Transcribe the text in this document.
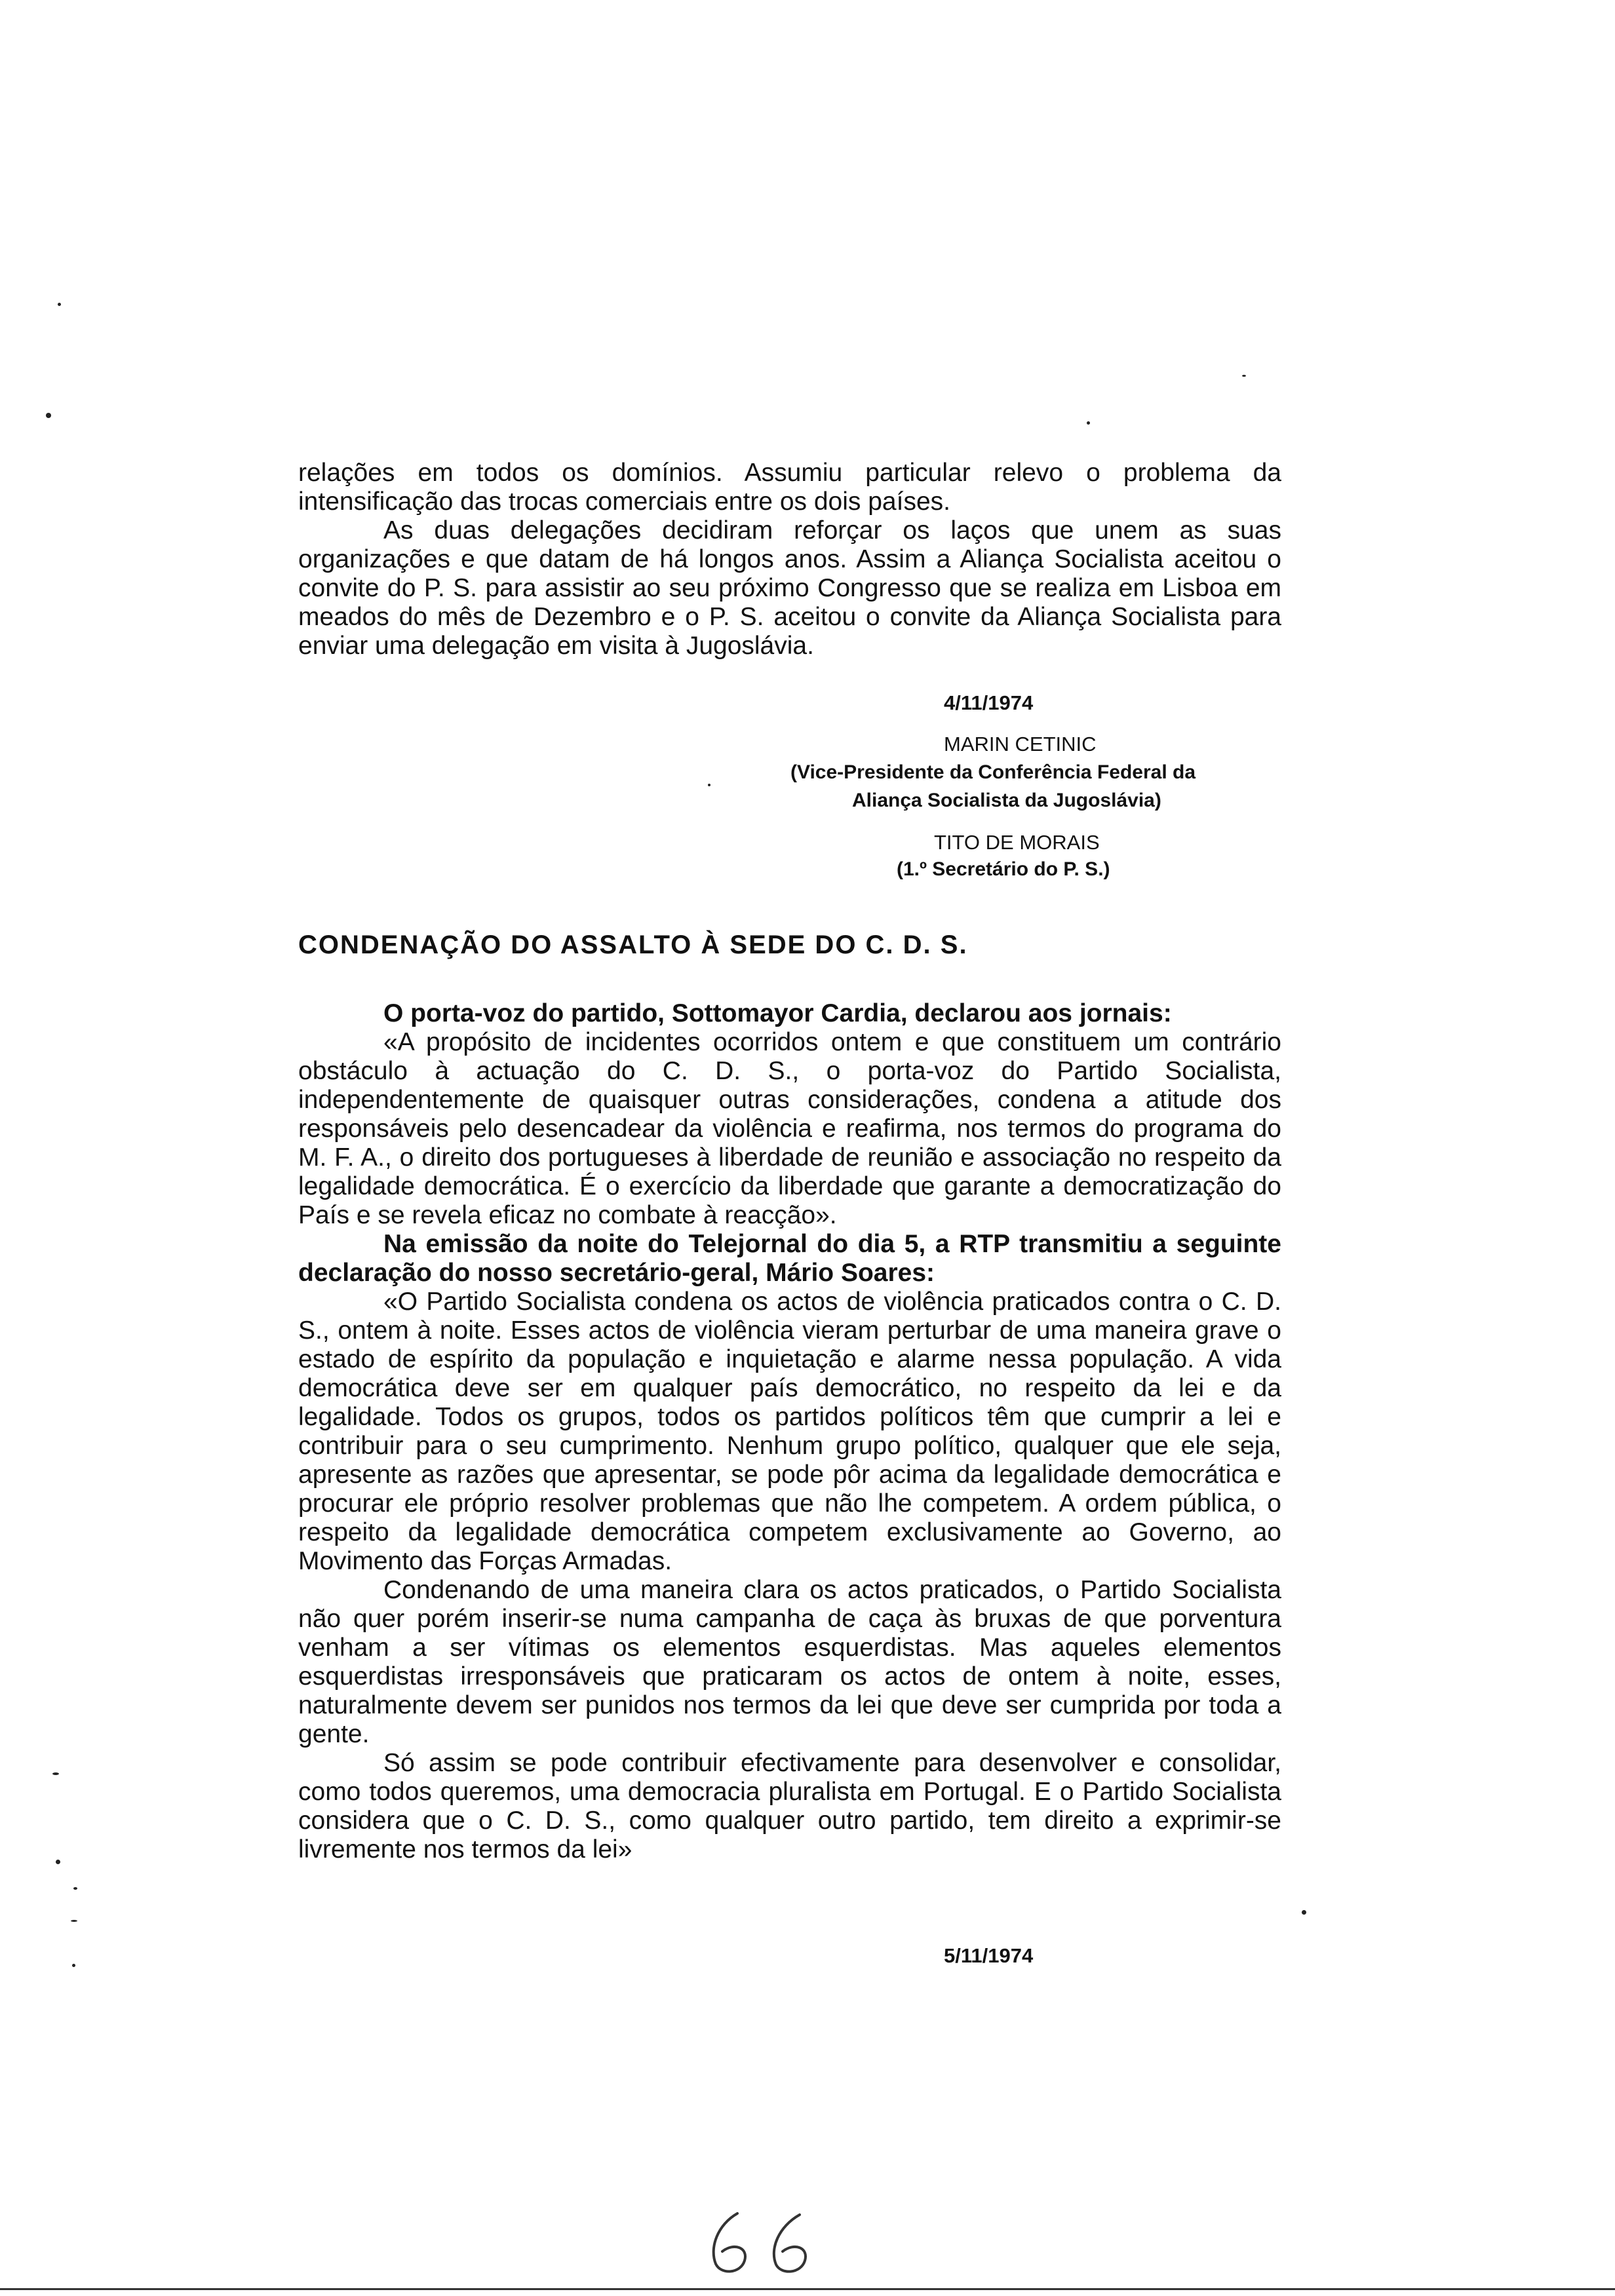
relações em todos os domínios. Assumiu particular relevo o problema da intensificação das trocas comerciais entre os dois países.

As duas delegações decidiram reforçar os laços que unem as suas organizações e que datam de há longos anos. Assim a Aliança Socialista aceitou o convite do P. S. para assistir ao seu próximo Congresso que se realiza em Lisboa em meados do mês de Dezembro e o P. S. aceitou o convite da Aliança Socialista para enviar uma delegação em visita à Jugoslávia.

4/11/1974
MARIN CETINIC
(Vice-Presidente da Conferência Federal da
Aliança Socialista da Jugoslávia)
TITO DE MORAIS
(1.º Secretário do P. S.)
CONDENAÇÃO DO ASSALTO À SEDE DO C. D. S.

O porta-voz do partido, Sottomayor Cardia, declarou aos jornais:

«A propósito de incidentes ocorridos ontem e que constituem um contrário obstáculo à actuação do C. D. S., o porta-voz do Partido Socialista, independentemente de quaisquer outras considerações, condena a atitude dos responsáveis pelo desencadear da violência e reafirma, nos termos do programa do M. F. A., o direito dos portugueses à liberdade de reunião e associação no respeito da legalidade democrática. É o exercício da liberdade que garante a democratização do País e se revela eficaz no combate à reacção».

Na emissão da noite do Telejornal do dia 5, a RTP transmitiu a seguinte declaração do nosso secretário-geral, Mário Soares:

«O Partido Socialista condena os actos de violência praticados contra o C. D. S., ontem à noite. Esses actos de violência vieram perturbar de uma maneira grave o estado de espírito da população e inquietação e alarme nessa população. A vida democrática deve ser em qualquer país democrático, no respeito da lei e da legalidade. Todos os grupos, todos os partidos políticos têm que cumprir a lei e contribuir para o seu cumprimento. Nenhum grupo político, qualquer que ele seja, apresente as razões que apresentar, se pode pôr acima da legalidade democrática e procurar ele próprio resolver problemas que não lhe competem. A ordem pública, o respeito da legalidade democrática competem exclusivamente ao Governo, ao Movimento das Forças Armadas.

Condenando de uma maneira clara os actos praticados, o Partido Socialista não quer porém inserir-se numa campanha de caça às bruxas de que porventura venham a ser vítimas os elementos esquerdistas. Mas aqueles elementos esquerdistas irresponsáveis que praticaram os actos de ontem à noite, esses, naturalmente devem ser punidos nos termos da lei que deve ser cumprida por toda a gente.

Só assim se pode contribuir efectivamente para desenvolver e consolidar, como todos queremos, uma democracia pluralista em Portugal. E o Partido Socialista considera que o C. D. S., como qualquer outro partido, tem direito a exprimir-se livremente nos termos da lei»

5/11/1974
